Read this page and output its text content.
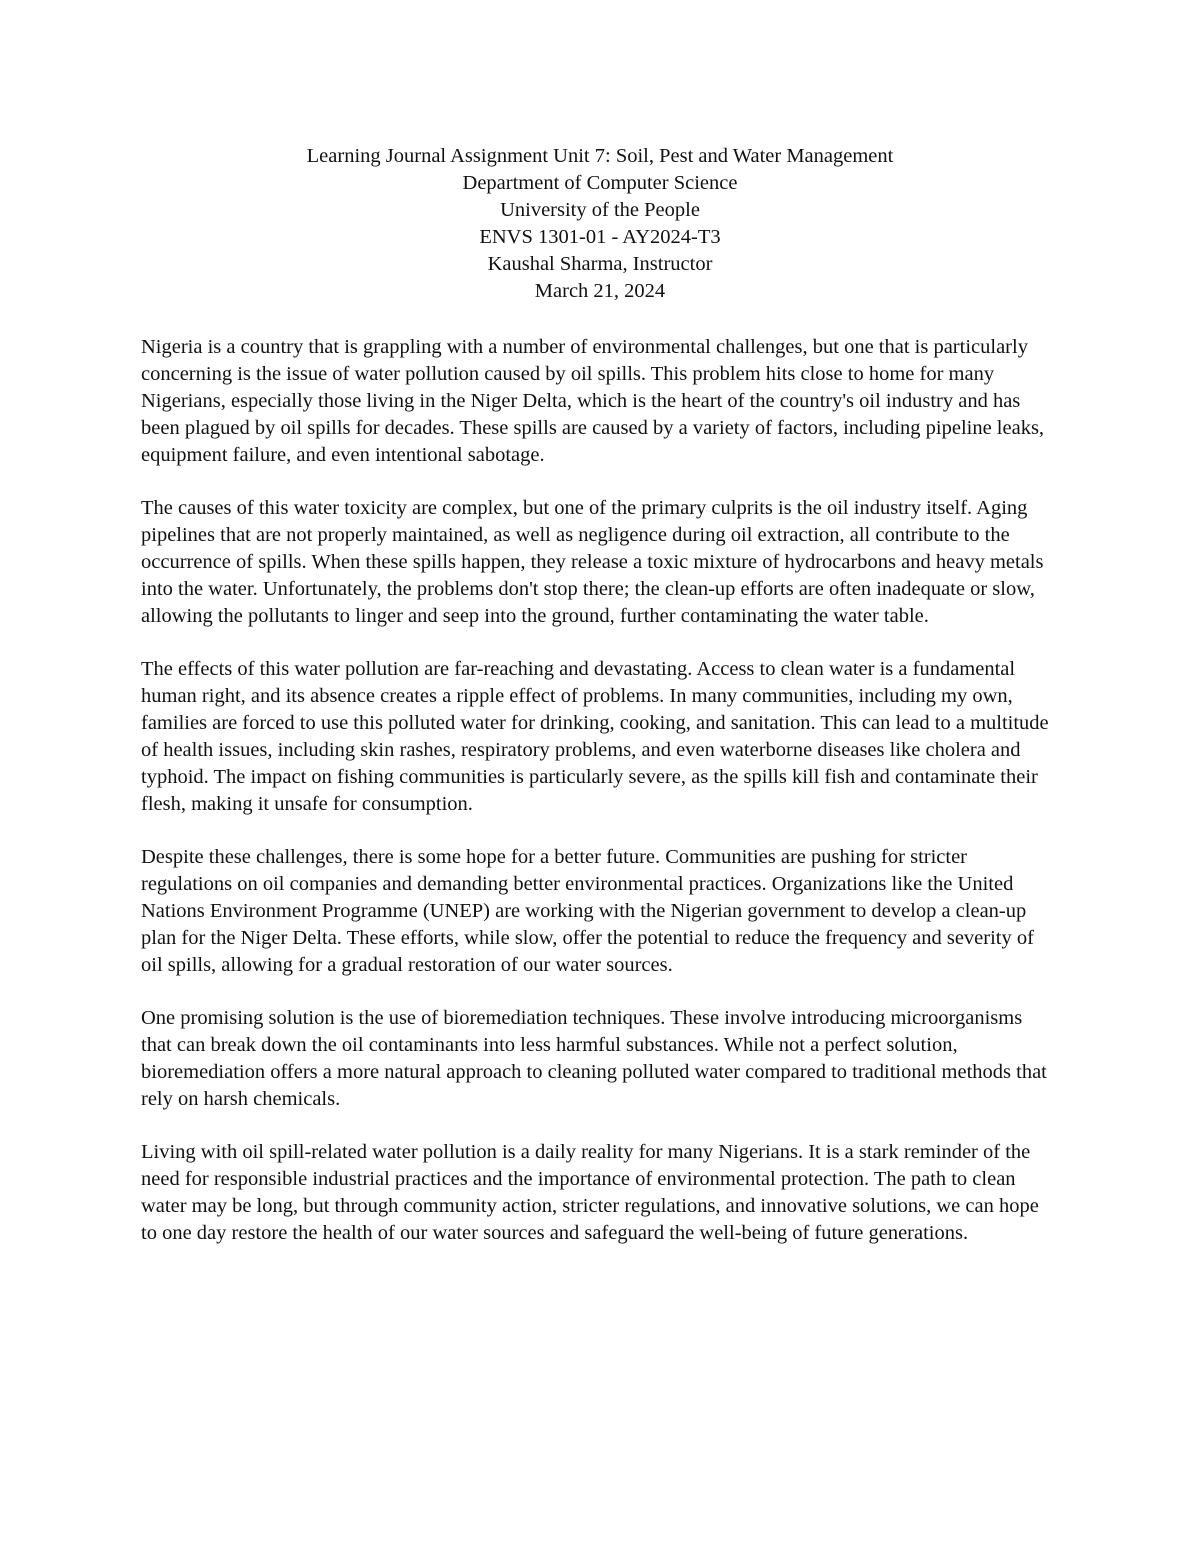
Learning Journal Assignment Unit 7: Soil, Pest and Water Management
Department of Computer Science
University of the People
ENVS 1301-01 - AY2024-T3
Kaushal Sharma, Instructor
March 21, 2024

Nigeria is a country that is grappling with a number of environmental challenges, but one that is particularly concerning is the issue of water pollution caused by oil spills. This problem hits close to home for many Nigerians, especially those living in the Niger Delta, which is the heart of the country's oil industry and has been plagued by oil spills for decades. These spills are caused by a variety of factors, including pipeline leaks, equipment failure, and even intentional sabotage.

The causes of this water toxicity are complex, but one of the primary culprits is the oil industry itself. Aging pipelines that are not properly maintained, as well as negligence during oil extraction, all contribute to the occurrence of spills. When these spills happen, they release a toxic mixture of hydrocarbons and heavy metals into the water. Unfortunately, the problems don't stop there; the clean-up efforts are often inadequate or slow, allowing the pollutants to linger and seep into the ground, further contaminating the water table.

The effects of this water pollution are far-reaching and devastating. Access to clean water is a fundamental human right, and its absence creates a ripple effect of problems. In many communities, including my own, families are forced to use this polluted water for drinking, cooking, and sanitation. This can lead to a multitude of health issues, including skin rashes, respiratory problems, and even waterborne diseases like cholera and typhoid. The impact on fishing communities is particularly severe, as the spills kill fish and contaminate their flesh, making it unsafe for consumption.

Despite these challenges, there is some hope for a better future. Communities are pushing for stricter regulations on oil companies and demanding better environmental practices. Organizations like the United Nations Environment Programme (UNEP) are working with the Nigerian government to develop a clean-up plan for the Niger Delta. These efforts, while slow, offer the potential to reduce the frequency and severity of oil spills, allowing for a gradual restoration of our water sources.

One promising solution is the use of bioremediation techniques. These involve introducing microorganisms that can break down the oil contaminants into less harmful substances. While not a perfect solution, bioremediation offers a more natural approach to cleaning polluted water compared to traditional methods that rely on harsh chemicals.

Living with oil spill-related water pollution is a daily reality for many Nigerians. It is a stark reminder of the need for responsible industrial practices and the importance of environmental protection. The path to clean water may be long, but through community action, stricter regulations, and innovative solutions, we can hope to one day restore the health of our water sources and safeguard the well-being of future generations.
